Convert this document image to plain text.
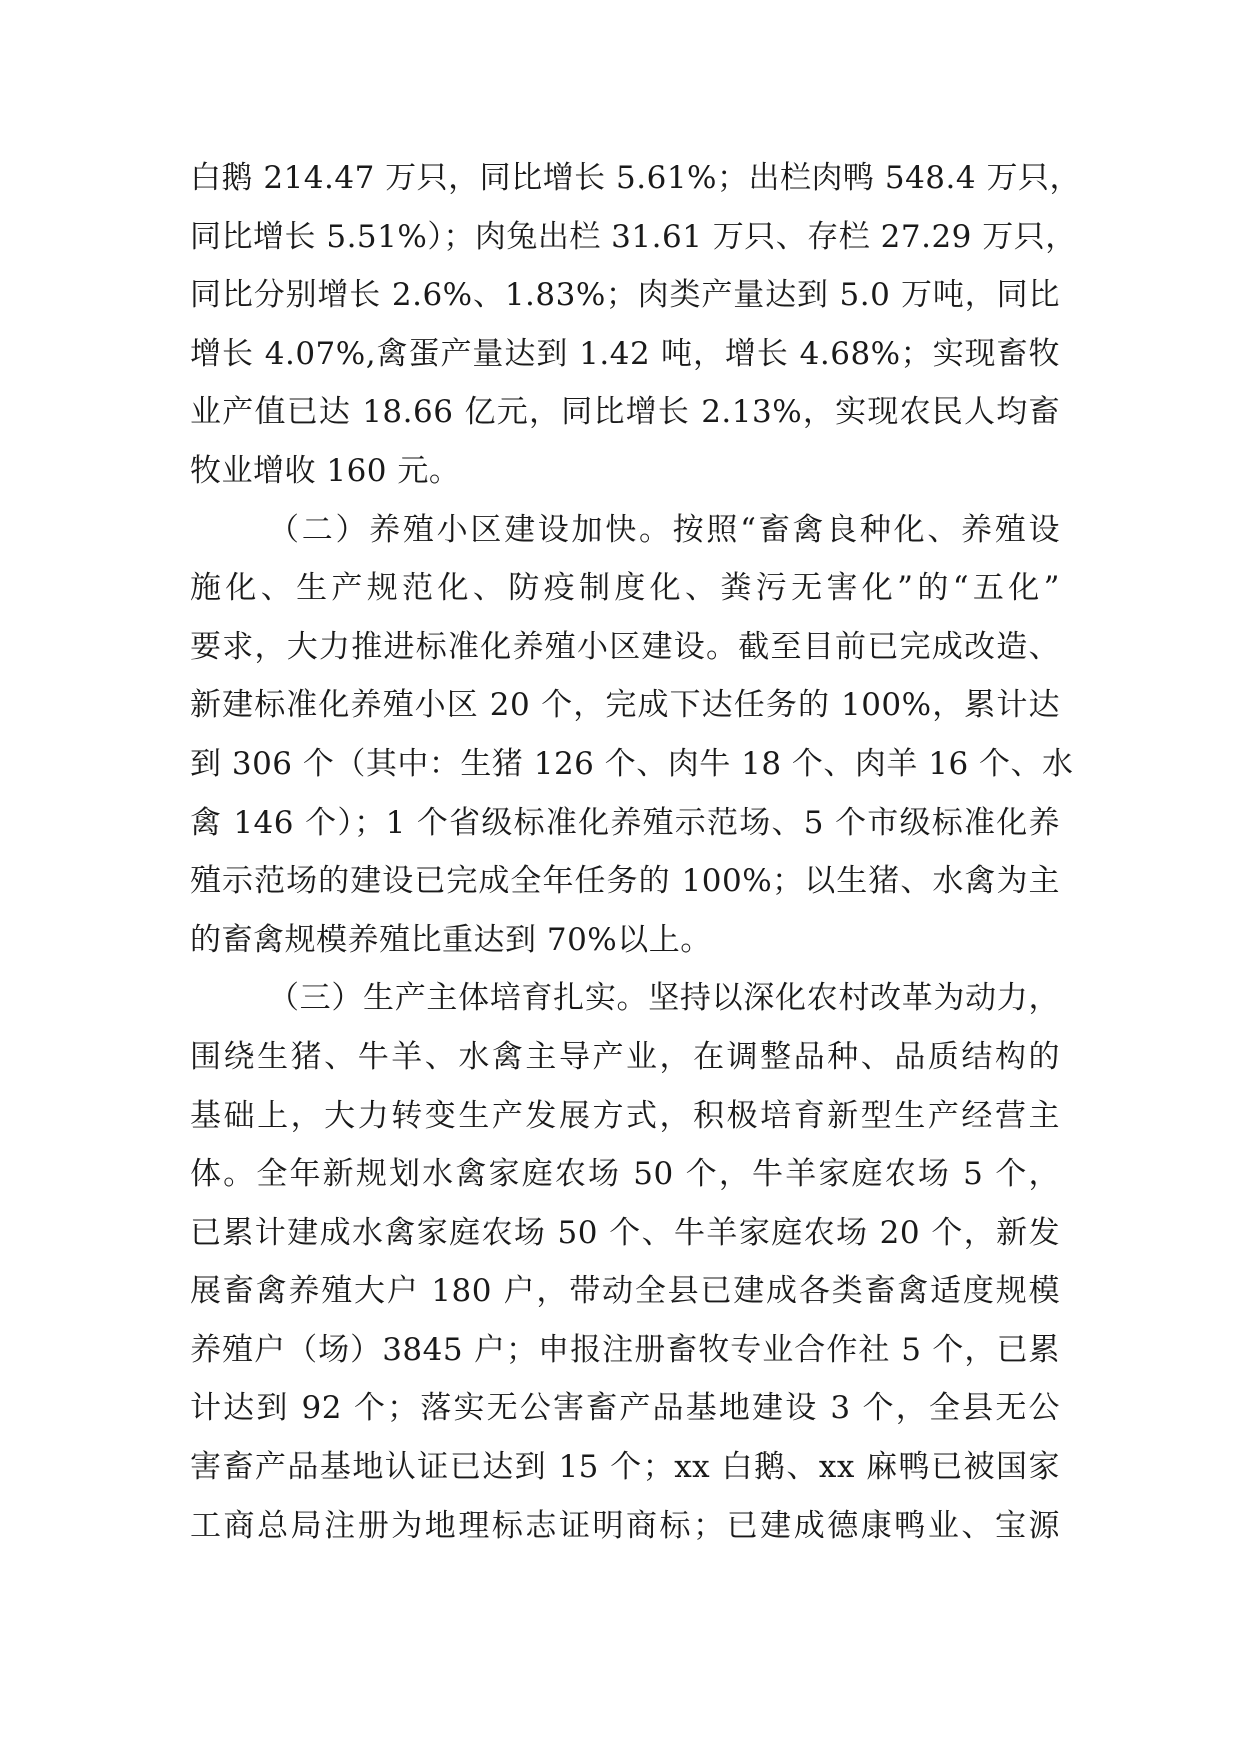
白鹅 214.47 万只，同比增长 5.61%；出栏肉鸭 548.4 万只，
同比增长 5.51%）；肉兔出栏 31.61 万只、存栏 27.29 万只，
同比分别增长 2.6%、1.83%；肉类产量达到 5.0 万吨，同比
增长 4.07%,禽蛋产量达到 1.42 吨，增长 4.68%；实现畜牧
业产值已达 18.66 亿元，同比增长 2.13%，实现农民人均畜
牧业增收 160 元。
（二）养殖小区建设加快。按照“畜禽良种化、养殖设
施化、生产规范化、防疫制度化、粪污无害化”的“五化”
要求，大力推进标准化养殖小区建设。截至目前已完成改造、
新建标准化养殖小区 20 个，完成下达任务的 100%，累计达
到 306 个（其中：生猪 126 个、肉牛 18 个、肉羊 16 个、水
禽 146 个）；1 个省级标准化养殖示范场、5 个市级标准化养
殖示范场的建设已完成全年任务的 100%；以生猪、水禽为主
的畜禽规模养殖比重达到 70%以上。
（三）生产主体培育扎实。坚持以深化农村改革为动力，
围绕生猪、牛羊、水禽主导产业，在调整品种、品质结构的
基础上，大力转变生产发展方式，积极培育新型生产经营主
体。全年新规划水禽家庭农场 50 个，牛羊家庭农场 5 个，
已累计建成水禽家庭农场 50 个、牛羊家庭农场 20 个，新发
展畜禽养殖大户 180 户，带动全县已建成各类畜禽适度规模
养殖户（场）3845 户；申报注册畜牧专业合作社 5 个，已累
计达到 92 个；落实无公害畜产品基地建设 3 个，全县无公
害畜产品基地认证已达到 15 个；xx 白鹅、xx 麻鸭已被国家
工商总局注册为地理标志证明商标；已建成德康鸭业、宝源
